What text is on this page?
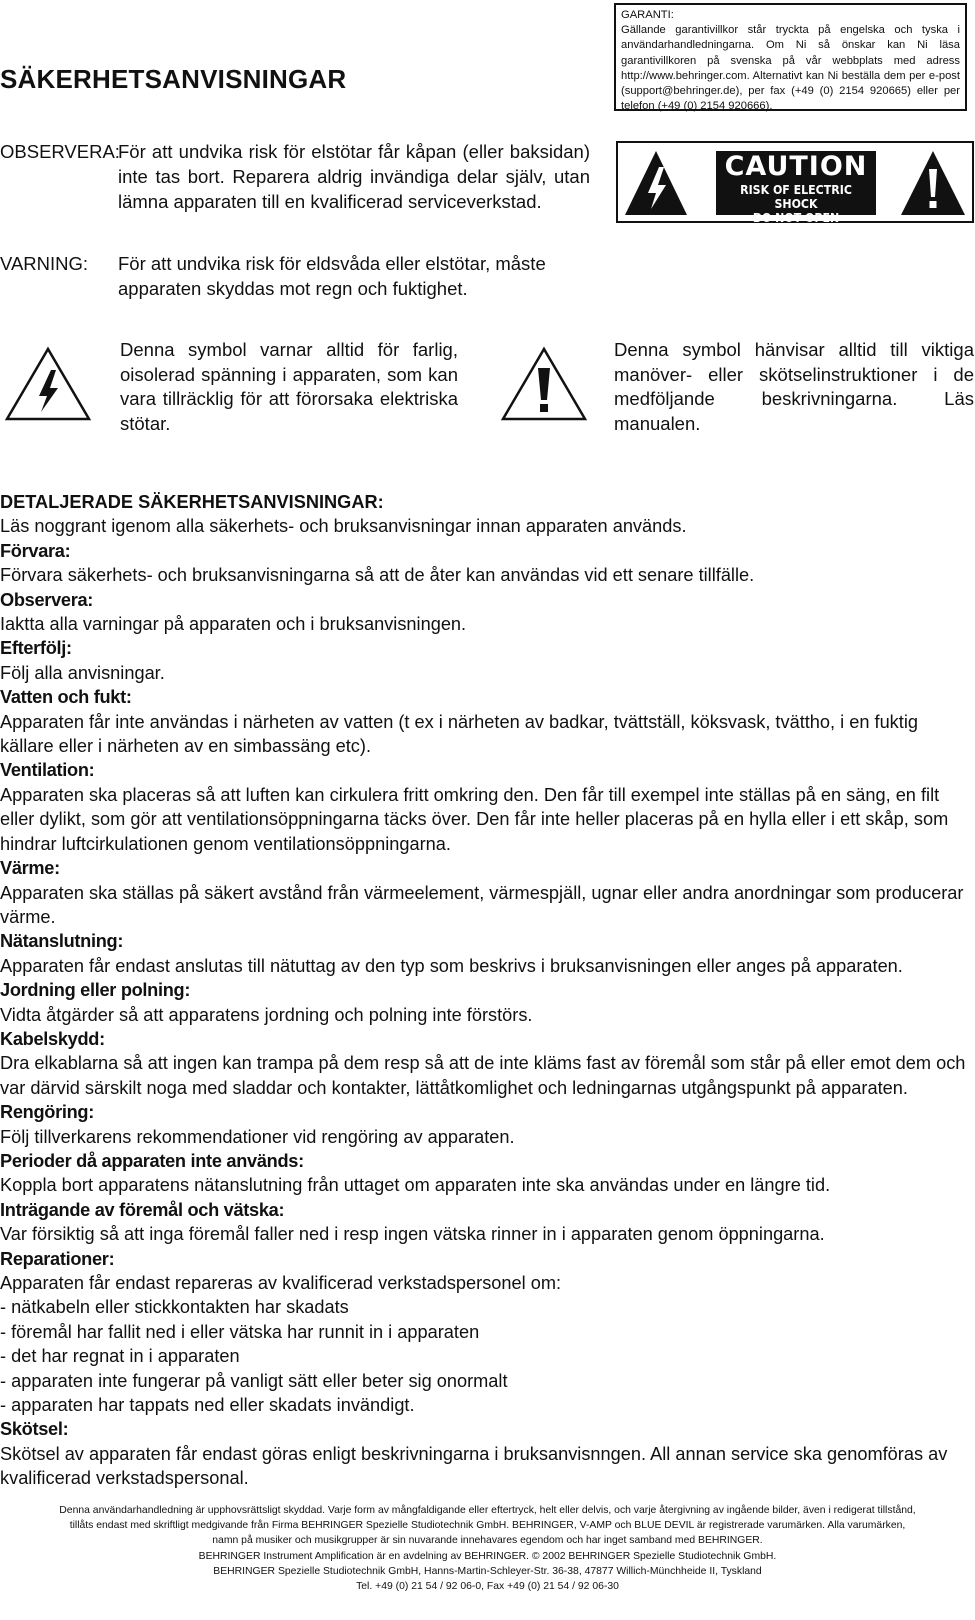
GARANTI:
Gällande garantivillkor står tryckta på engelska och tyska i användarhandledningarna. Om Ni så önskar kan Ni läsa garantivillkoren på svenska på vår webbplats med adress http://www.behringer.com. Alternativt kan Ni beställa dem per e-post (support@behringer.de), per fax (+49 (0) 2154 920665) eller per telefon (+49 (0) 2154 920666).
SÄKERHETSANVISNINGAR
CAUTION
RISK OF ELECTRIC SHOCK
DO NOT OPEN
OBSERVERA:
För att undvika risk för elstötar får kåpan (eller baksidan) inte tas bort. Reparera aldrig invändiga delar själv, utan lämna apparaten till en kvalificerad serviceverkstad.
VARNING: För att undvika risk för eldsvåda eller elstötar, måste apparaten skyddas mot regn och fuktighet.
Denna symbol varnar alltid för farlig, oisolerad spänning i apparaten, som kan vara tillräcklig för att förorsaka elektriska stötar.
Denna symbol hänvisar alltid till viktiga manöver- eller skötselinstruktioner i de medföljande beskrivningarna. Läs manualen.
DETALJERADE SÄKERHETSANVISNINGAR:
Läs noggrant igenom alla säkerhets- och bruksanvisningar innan apparaten används.
Förvara:
Förvara säkerhets- och bruksanvisningarna så att de åter kan användas vid ett senare tillfälle.
Observera:
Iaktta alla varningar på apparaten och i bruksanvisningen.
Efterfölj:
Följ alla anvisningar.
Vatten och fukt:
Apparaten får inte användas i närheten av vatten (t ex i närheten av badkar, tvättställ, köksvask, tvättho, i en fuktig källare eller i närheten av en simbassäng etc).
Ventilation:
Apparaten ska placeras så att luften kan cirkulera fritt omkring den. Den får till exempel inte ställas på en säng, en filt eller dylikt, som gör att ventilationsöppningarna täcks över. Den får inte heller placeras på en hylla eller i ett skåp, som hindrar luftcirkulationen genom ventilationsöppningarna.
Värme:
Apparaten ska ställas på säkert avstånd från värmeelement, värmespjäll, ugnar eller andra anordningar som producerar värme.
Nätanslutning:
Apparaten får endast anslutas till nätuttag av den typ som beskrivs i bruksanvisningen eller anges på apparaten.
Jordning eller polning:
Vidta åtgärder så att apparatens jordning och polning inte förstörs.
Kabelskydd:
Dra elkablarna så att ingen kan trampa på dem resp så att de inte kläms fast av föremål som står på eller emot dem och var därvid särskilt noga med sladdar och kontakter, lättåtkomlighet och ledningarnas utgångspunkt på apparaten.
Rengöring:
Följ tillverkarens rekommendationer vid rengöring av apparaten.
Perioder då apparaten inte används:
Koppla bort apparatens nätanslutning från uttaget om apparaten inte ska användas under en längre tid.
Inträgande av föremål och vätska:
Var försiktig så att inga föremål faller ned i resp ingen vätska rinner in i apparaten genom öppningarna.
Reparationer:
Apparaten får endast repareras av kvalificerad verkstadspersonel om:
- nätkabeln eller stickkontakten har skadats
- föremål har fallit ned i eller vätska har runnit in i apparaten
- det har regnat in i apparaten
- apparaten inte fungerar på vanligt sätt eller beter sig onormalt
- apparaten har tappats ned eller skadats invändigt.
Skötsel:
Skötsel av apparaten får endast göras enligt beskrivningarna i bruksanvisnngen. All annan service ska genomföras av kvalificerad verkstadspersonal.
Denna användarhandledning är upphovsrättsligt skyddad. Varje form av mångfaldigande eller eftertryck, helt eller delvis, och varje återgivning av ingående bilder, även i redigerat tillstånd,
tillåts endast med skriftligt medgivande från Firma BEHRINGER Spezielle Studiotechnik GmbH. BEHRINGER, V-AMP och BLUE DEVIL är registrerade varumärken. Alla varumärken,
namn på musiker och musikgrupper är sin nuvarande innehavares egendom och har inget samband med BEHRINGER.
BEHRINGER Instrument Amplification är en avdelning av BEHRINGER. © 2002 BEHRINGER Spezielle Studiotechnik GmbH.
BEHRINGER Spezielle Studiotechnik GmbH, Hanns-Martin-Schleyer-Str. 36-38, 47877 Willich-Münchheide II, Tyskland
Tel. +49 (0) 21 54 / 92 06-0, Fax +49 (0) 21 54 / 92 06-30
